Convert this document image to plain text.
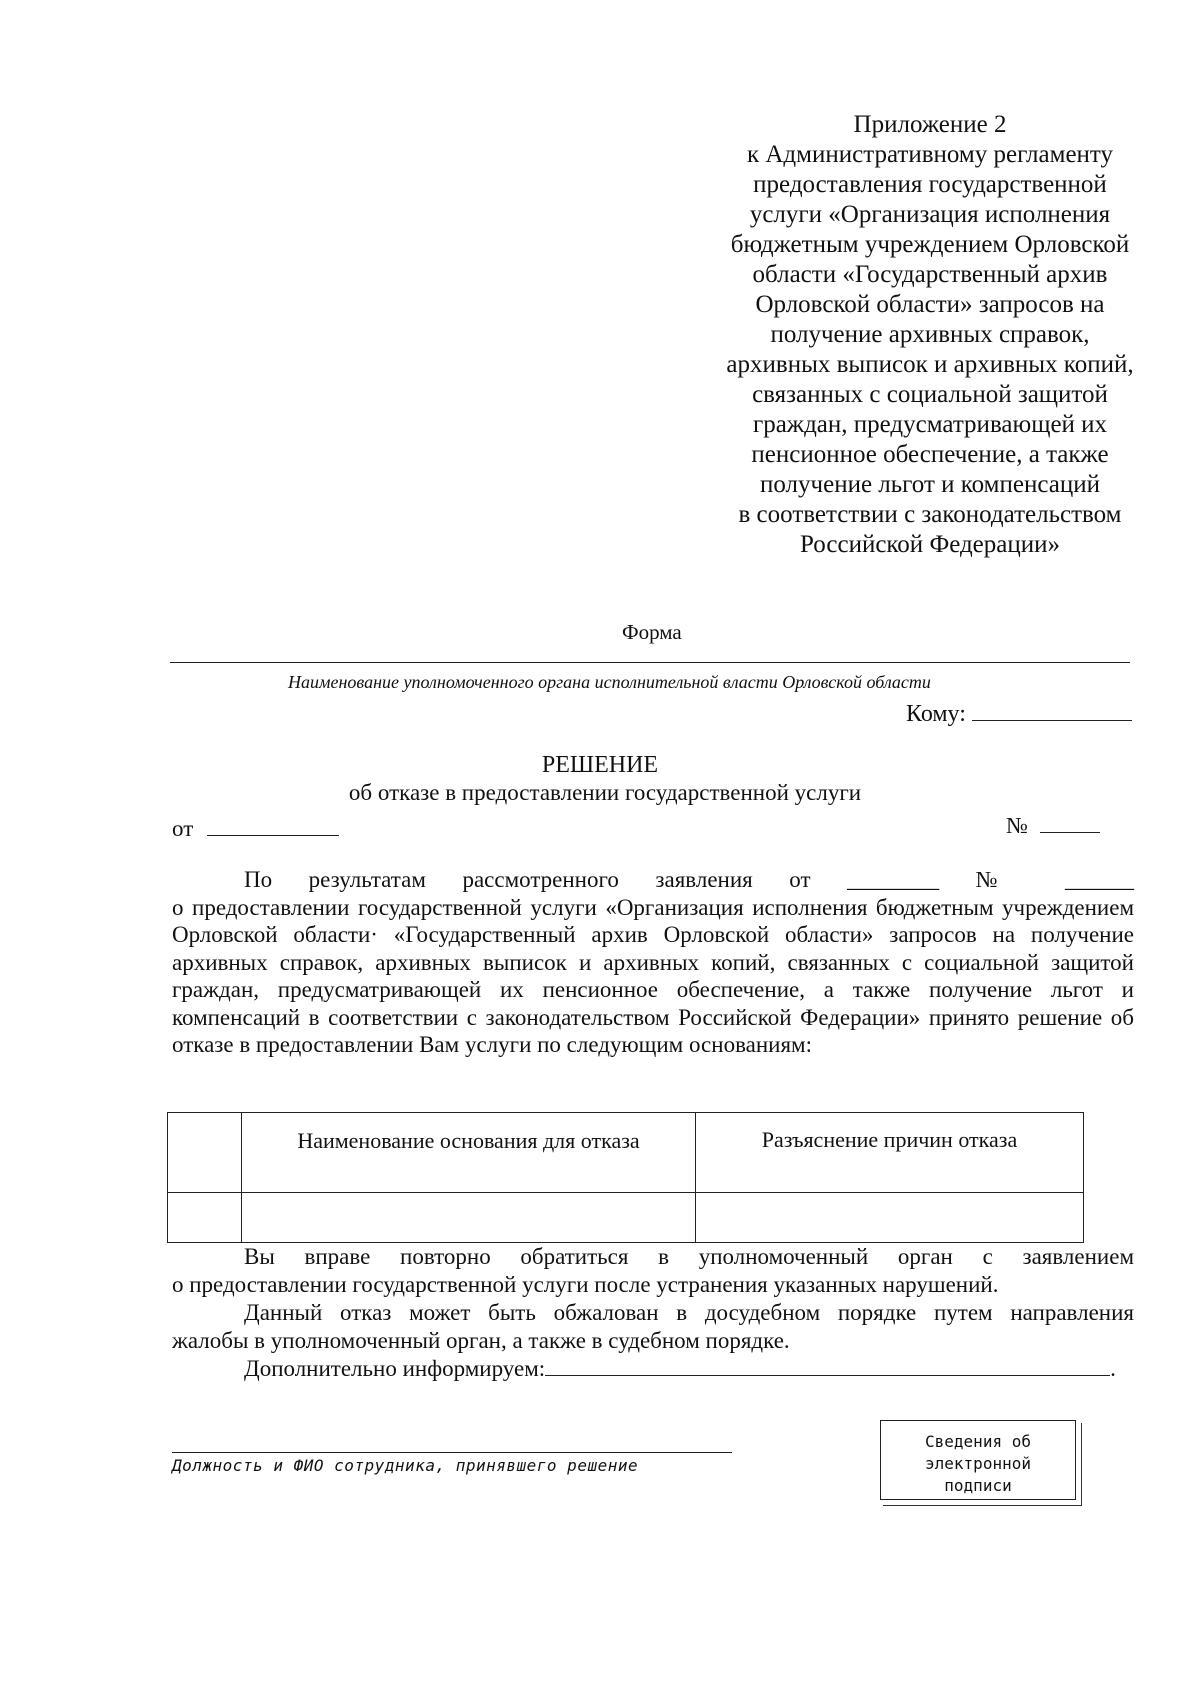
Приложение 2
к Административному регламенту
предоставления государственной
услуги «Организация исполнения
бюджетным учреждением Орловской
области «Государственный архив
Орловской области» запросов на
получение архивных справок,
архивных выписок и архивных копий,
связанных с социальной защитой
граждан, предусматривающей их
пенсионное обеспечение, а также
получение льгот и компенсаций
в соответствии с законодательством
Российской Федерации»
Форма
Наименование уполномоченного органа исполнительной власти Орловской области
Кому:
РЕШЕНИЕ
об отказе в предоставлении государственной услуги
от	№
По результатам рассмотренного заявления от ________ № ______
о предоставлении государственной услуги «Организация исполнения бюджетным учреждением Орловской области· «Государственный архив Орловской области» запросов на получение архивных справок, архивных выписок и архивных копий, связанных с социальной защитой граждан, предусматривающей их пенсионное обеспечение, а также получение льгот и компенсаций в соответствии с законодательством Российской Федерации» принято решение об отказе в предоставлении Вам услуги по следующим основаниям:
	Наименование основания для отказа	Разъяснение причин отказа

Вы вправе повторно обратиться в уполномоченный орган с заявлением

о предоставлении государственной услуги после устранения указанных нарушений.

Данный отказ может быть обжалован в досудебном порядке путем направления

жалобы в уполномоченный орган, а также в судебном порядке.

Дополнительно информируем:	.

Должность и ФИО сотрудника, принявшего решение
Сведения об
электронной
подписи
